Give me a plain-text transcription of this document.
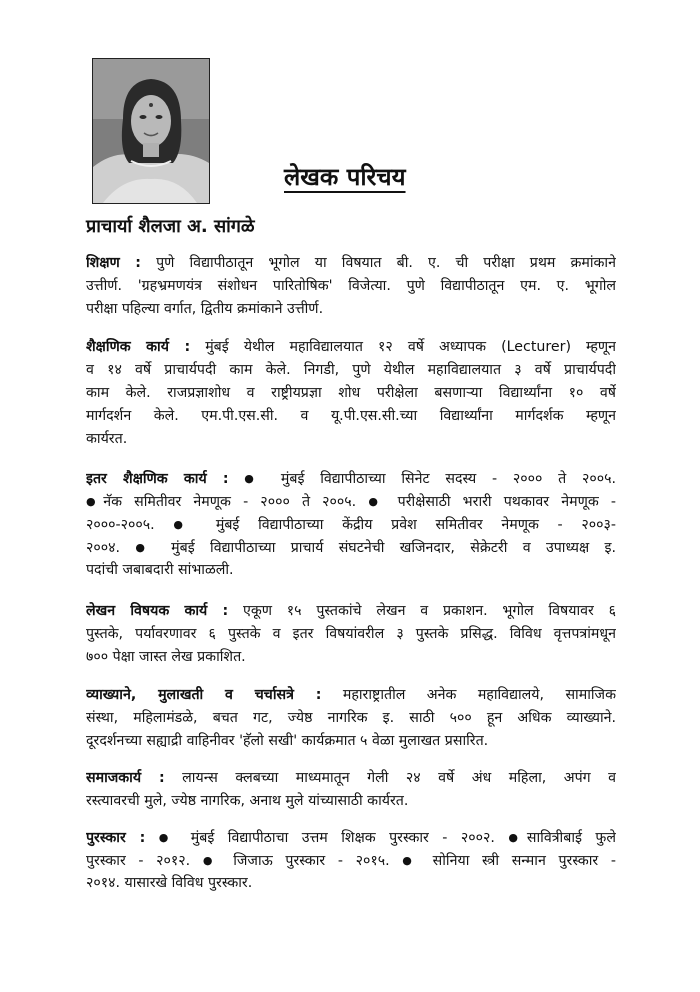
लेखक परिचय
प्राचार्या शैलजा अ. सांगळे
शिक्षण : पुणे विद्यापीठातून भूगोल या विषयात बी. ए. ची परीक्षा प्रथम क्रमांकाने
उत्तीर्ण. 'ग्रहभ्रमणयंत्र संशोधन पारितोषिक' विजेत्या. पुणे विद्यापीठातून एम. ए. भूगोल
परीक्षा पहिल्या वर्गात, द्वितीय क्रमांकाने उत्तीर्ण.
शैक्षणिक कार्य : मुंबई येथील महाविद्यालयात १२ वर्षे अध्यापक (Lecturer) म्हणून
व १४ वर्षे प्राचार्यपदी काम केले. निगडी, पुणे येथील महाविद्यालयात ३ वर्षे प्राचार्यपदी
काम केले. राजप्रज्ञाशोध व राष्ट्रीयप्रज्ञा शोध परीक्षेला बसणाऱ्या विद्यार्थ्यांना १० वर्षे
मार्गदर्शन केले. एम.पी.एस.सी. व यू.पी.एस.सी.च्या विद्यार्थ्यांना मार्गदर्शक म्हणून
कार्यरत.
इतर शैक्षणिक कार्य : ● मुंबई विद्यापीठाच्या सिनेट सदस्य - २००० ते २००५.
●नॅक समितीवर नेमणूक - २००० ते २००५. ● परीक्षेसाठी भरारी पथकावर नेमणूक -
२०००-२००५. ● मुंबई विद्यापीठाच्या केंद्रीय प्रवेश समितीवर नेमणूक - २००३-
२००४. ● मुंबई विद्यापीठाच्या प्राचार्य संघटनेची खजिनदार, सेक्रेटरी व उपाध्यक्ष इ.
पदांची जबाबदारी सांभाळली.
लेखन विषयक कार्य : एकूण १५ पुस्तकांचे लेखन व प्रकाशन. भूगोल विषयावर ६
पुस्तके, पर्यावरणावर ६ पुस्तके व इतर विषयांवरील ३ पुस्तके प्रसिद्ध. विविध वृत्तपत्रांमधून
७०० पेक्षा जास्त लेख प्रकाशित.
व्याख्याने, मुलाखती व चर्चासत्रे : महाराष्ट्रातील अनेक महाविद्यालये, सामाजिक
संस्था, महिलामंडळे, बचत गट, ज्येष्ठ नागरिक इ. साठी ५०० हून अधिक व्याख्याने.
दूरदर्शनच्या सह्याद्री वाहिनीवर 'हॅलो सखी' कार्यक्रमात ५ वेळा मुलाखत प्रसारित.
समाजकार्य : लायन्स क्लबच्या माध्यमातून गेली २४ वर्षे अंध महिला, अपंग व
रस्त्यावरची मुले, ज्येष्ठ नागरिक, अनाथ मुले यांच्यासाठी कार्यरत.
पुरस्कार : ● मुंबई विद्यापीठाचा उत्तम शिक्षक पुरस्कार - २००२. ●सावित्रीबाई फुले
पुरस्कार - २०१२. ● जिजाऊ पुरस्कार - २०१५. ● सोनिया स्त्री सन्मान पुरस्कार -
२०१४. यासारखे विविध पुरस्कार.
